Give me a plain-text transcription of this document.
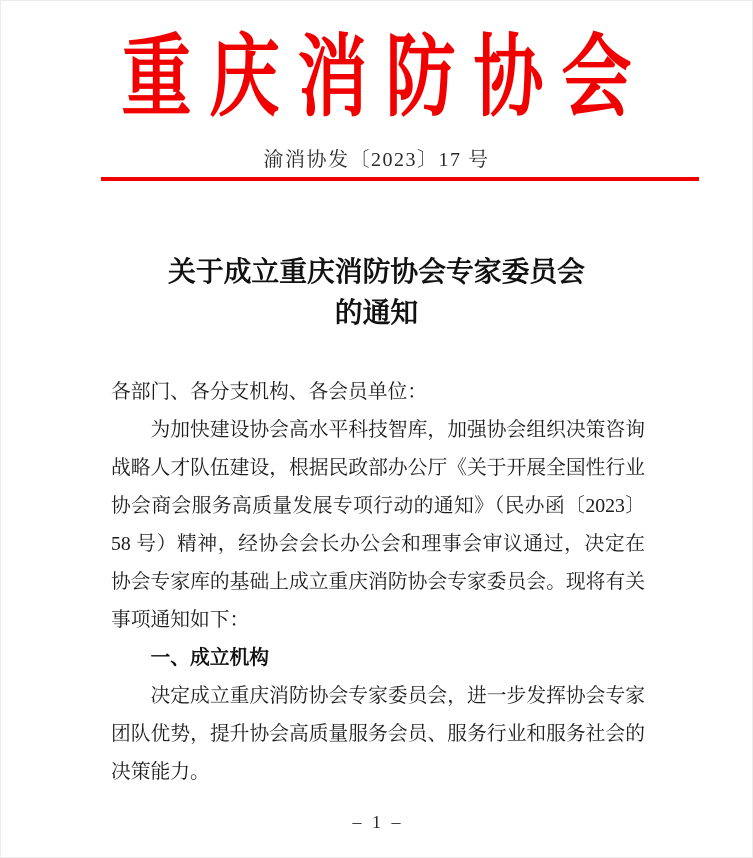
重庆消防协会
渝消协发〔2023〕17 号
关于成立重庆消防协会专家委员会
的通知

各部门、各分支机构、各会员单位：

为加快建设协会高水平科技智库，加强协会组织决策咨询战略人才队伍建设，根据民政部办公厅《关于开展全国性行业协会商会服务高质量发展专项行动的通知》（民办函〔2023〕58 号）精神，经协会会长办公会和理事会审议通过，决定在协会专家库的基础上成立重庆消防协会专家委员会。现将有关事项通知如下：

一、成立机构

决定成立重庆消防协会专家委员会，进一步发挥协会专家团队优势，提升协会高质量服务会员、服务行业和服务社会的决策能力。

– 1 –
